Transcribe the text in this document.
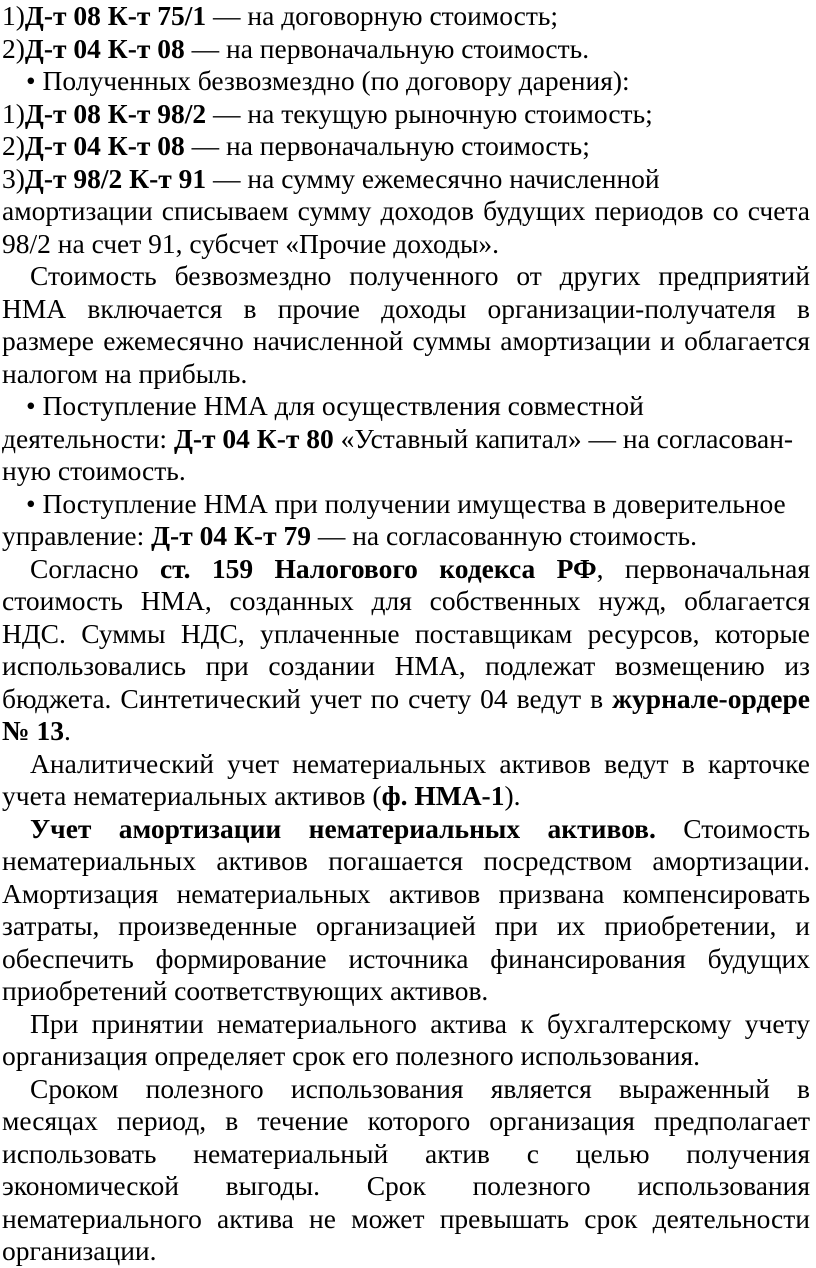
1)Д-т 08 К-т 75/1 — на договорную стоимость;
2)Д-т 04 К-т 08 — на первоначальную стоимость.
• Полученных безвозмездно (по договору дарения):
1)Д-т 08 К-т 98/2 — на текущую рыночную стоимость;
2)Д-т 04 К-т 08 — на первоначальную стоимость;
3)Д-т 98/2 К-т 91 — на сумму ежемесячно начисленной

амортизации списываем сумму доходов будущих периодов со счета 98/2 на счет 91, субсчет «Прочие доходы».

Стоимость безвозмездно полученного от других предприятий НМА включается в прочие доходы организации-получателя в размере ежемесячно начисленной суммы амортизации и облагается налогом на прибыль.

• Поступление НМА для осуществления совместной
деятельности: Д-т 04 К-т 80 «Уставный капитал» — на согласован-
ную стоимость.
• Поступление НМА при получении имущества в доверительное
управление: Д-т 04 К-т 79 — на согласованную стоимость.

Согласно ст. 159 Налогового кодекса РФ, первоначальная стоимость НМА, созданных для собственных нужд, облагается НДС. Суммы НДС, уплаченные поставщикам ресурсов, которые использовались при создании НМА, подлежат возмещению из бюджета. Синтетический учет по счету 04 ведут в журнале-ордере № 13.

Аналитический учет нематериальных активов ведут в карточке учета нематериальных активов (ф. НМА-1).

Учет амортизации нематериальных активов. Стоимость нематериальных активов погашается посредством амортизации. Амортизация нематериальных активов призвана компенсировать затраты, произведенные организацией при их приобретении, и обеспечить формирование источника финансирования будущих приобретений соответствующих активов.

При принятии нематериального актива к бухгалтерскому учету организация определяет срок его полезного использования.

Сроком полезного использования является выраженный в месяцах период, в течение которого организация предполагает использовать нематериальный актив с целью получения экономической выгоды. Срок полезного использования нематериального актива не может превышать срок деятельности организации.
